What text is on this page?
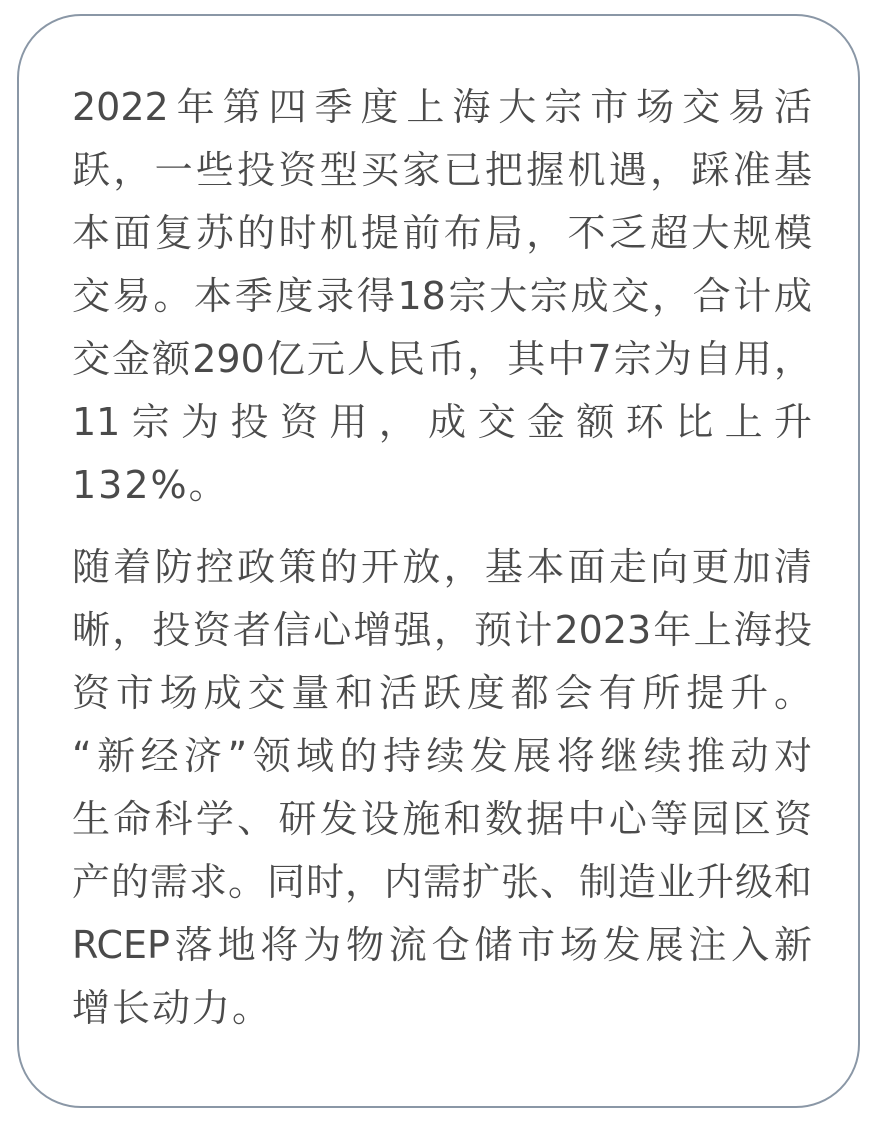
2022年第四季度上海大宗市场交易活
跃，一些投资型买家已把握机遇，踩准基
本面复苏的时机提前布局，不乏超大规模
交易。本季度录得18宗大宗成交，合计成
交金额290亿元人民币，其中7宗为自用，
11宗为投资用，成交金额环比上升
132%。
随着防控政策的开放，基本面走向更加清
晰，投资者信心增强，预计2023年上海投
资市场成交量和活跃度都会有所提升。
“新经济”领域的持续发展将继续推动对
生命科学、研发设施和数据中心等园区资
产的需求。同时，内需扩张、制造业升级和
RCEP落地将为物流仓储市场发展注入新
增长动力。
